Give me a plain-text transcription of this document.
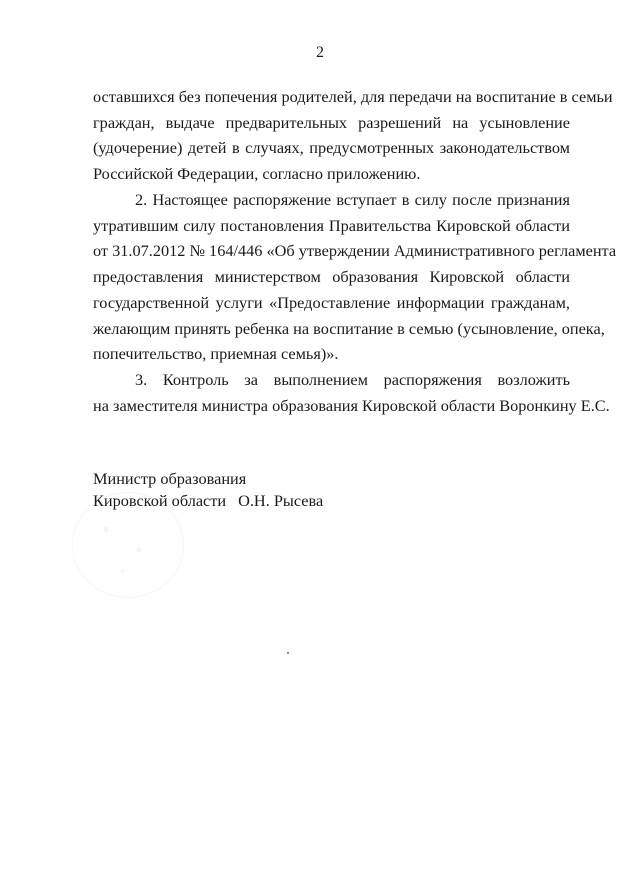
2
оставшихся без попечения родителей, для передачи на воспитание в семьи
граждан, выдаче предварительных разрешений на усыновление
(удочерение) детей в случаях, предусмотренных законодательством
Российской Федерации, согласно приложению.
2. Настоящее распоряжение вступает в силу после признания
утратившим силу постановления Правительства Кировской области
от 31.07.2012 № 164/446 «Об утверждении Административного регламента
предоставления министерством образования Кировской области
государственной услуги «Предоставление информации гражданам,
желающим принять ребенка на воспитание в семью (усыновление, опека,
попечительство, приемная семья)».
3. Контроль за выполнением распоряжения возложить
на заместителя министра образования Кировской области Воронкину Е.С.
Министр образования
Кировской области О.Н. Рысева
